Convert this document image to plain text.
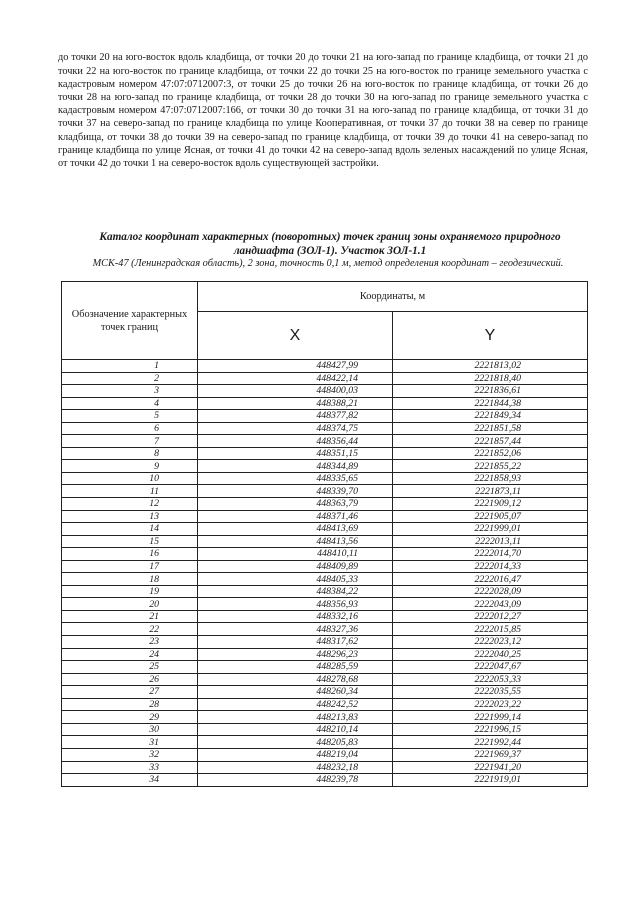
до точки 20 на юго-восток вдоль кладбища, от точки 20 до точки 21 на юго-запад по границе кладбища, от точки 21 до точки 22 на юго-восток по границе кладбища, от точки 22 до точки 25 на юго-восток по границе земельного участка с кадастровым номером 47:07:0712007:3, от точки 25 до точки 26 на юго-восток по границе кладбища, от точки 26 до точки 28 на юго-запад по границе кладбища, от точки 28 до точки 30 на юго-запад по границе земельного участка с кадастровым номером 47:07:0712007:166, от точки 30 до точки 31 на юго-запад по границе кладбища, от точки 31 до точки 37 на северо-запад по границе кладбища по улице Кооперативная, от точки 37 до точки 38 на север по границе кладбища, от точки 38 до точки 39 на северо-запад по границе кладбища, от точки 39 до точки 41 на северо-запад по границе кладбища по улице Ясная, от точки 41 до точки 42 на северо-запад вдоль зеленых насаждений по улице Ясная, от точки 42 до точки 1 на северо-восток вдоль существующей застройки.

Каталог координат характерных (поворотных) точек границ зоны охраняемого природного ландшафта (ЗОЛ-1). Участок ЗОЛ-1.1
МСК-47 (Ленинградская область), 2 зона, точность 0,1 м, метод определения координат – геодезический.
Обозначение характерных точек границ	Координаты, м	
	X	Y
1	448427,99	2221813,02
2	448422,14	2221818,40
3	448400,03	2221836,61
4	448388,21	2221844,38
5	448377,82	2221849,34
6	448374,75	2221851,58
7	448356,44	2221857,44
8	448351,15	2221852,06
9	448344,89	2221855,22
10	448335,65	2221858,93
11	448339,70	2221873,11
12	448363,79	2221909,12
13	448371,46	2221905,07
14	448413,69	2221999,01
15	448413,56	2222013,11
16	448410,11	2222014,70
17	448409,89	2222014,33
18	448405,33	2222016,47
19	448384,22	2222028,09
20	448356,93	2222043,09
21	448332,16	2222012,27
22	448327,36	2222015,85
23	448317,62	2222023,12
24	448296,23	2222040,25
25	448285,59	2222047,67
26	448278,68	2222053,33
27	448260,34	2222035,55
28	448242,52	2222023,22
29	448213,83	2221999,14
30	448210,14	2221996,15
31	448205,83	2221992,44
32	448219,04	2221969,37
33	448232,18	2221941,20
34	448239,78	2221919,01
